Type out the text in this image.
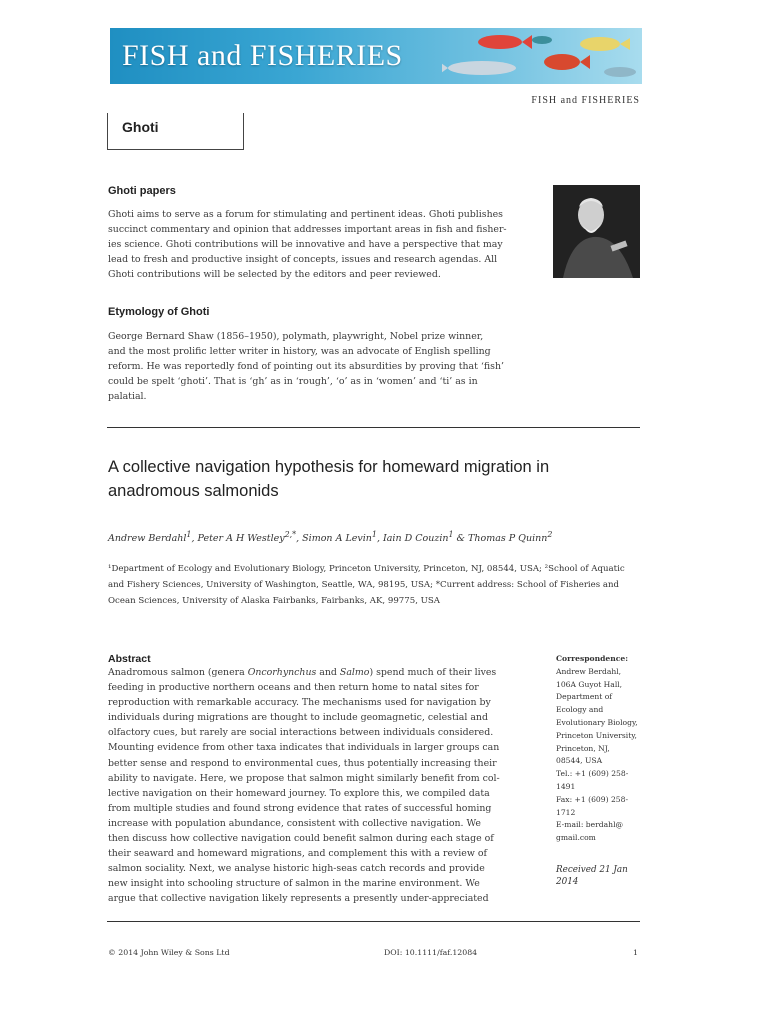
FISH and FISHERIES
FISH and FISHERIES
Ghoti
Ghoti papers
Ghoti aims to serve as a forum for stimulating and pertinent ideas. Ghoti publishes
succinct commentary and opinion that addresses important areas in fish and fisher-
ies science. Ghoti contributions will be innovative and have a perspective that may
lead to fresh and productive insight of concepts, issues and research agendas. All
Ghoti contributions will be selected by the editors and peer reviewed.
Etymology of Ghoti
George Bernard Shaw (1856–1950), polymath, playwright, Nobel prize winner,
and the most prolific letter writer in history, was an advocate of English spelling
reform. He was reportedly fond of pointing out its absurdities by proving that ‘fish’
could be spelt ‘ghoti’. That is ‘gh’ as in ‘rough’, ‘o’ as in ‘women’ and ‘ti’ as in
palatial.
A collective navigation hypothesis for homeward migration in
anadromous salmonids
Andrew Berdahl$^1$, Peter A H Westley$^{2,*}$, Simon A Levin$^1$, Iain D Couzin$^1$ & Thomas P Quinn$^2$
¹Department of Ecology and Evolutionary Biology, Princeton University, Princeton, NJ, 08544, USA; ²School of Aquatic
and Fishery Sciences, University of Washington, Seattle, WA, 98195, USA; *Current address: School of Fisheries and
Ocean Sciences, University of Alaska Fairbanks, Fairbanks, AK, 99775, USA
Abstract
Anadromous salmon (genera Oncorhynchus and Salmo) spend much of their lives
feeding in productive northern oceans and then return home to natal sites for
reproduction with remarkable accuracy. The mechanisms used for navigation by
individuals during migrations are thought to include geomagnetic, celestial and
olfactory cues, but rarely are social interactions between individuals considered.
Mounting evidence from other taxa indicates that individuals in larger groups can
better sense and respond to environmental cues, thus potentially increasing their
ability to navigate. Here, we propose that salmon might similarly benefit from col-
lective navigation on their homeward journey. To explore this, we compiled data
from multiple studies and found strong evidence that rates of successful homing
increase with population abundance, consistent with collective navigation. We
then discuss how collective navigation could benefit salmon during each stage of
their seaward and homeward migrations, and complement this with a review of
salmon sociality. Next, we analyse historic high-seas catch records and provide
new insight into schooling structure of salmon in the marine environment. We
argue that collective navigation likely represents a presently under-appreciated
Correspondence:
Andrew Berdahl,
106A Guyot Hall,
Department of
Ecology and
Evolutionary Biology,
Princeton University,
Princeton, NJ,
08544, USA
Tel.: +1 (609) 258-
1491
Fax: +1 (609) 258-
1712
E-mail: berdahl@
gmail.com
Received 21 Jan
2014
© 2014 John Wiley & Sons Ltd	DOI: 10.1111/faf.12084	1
